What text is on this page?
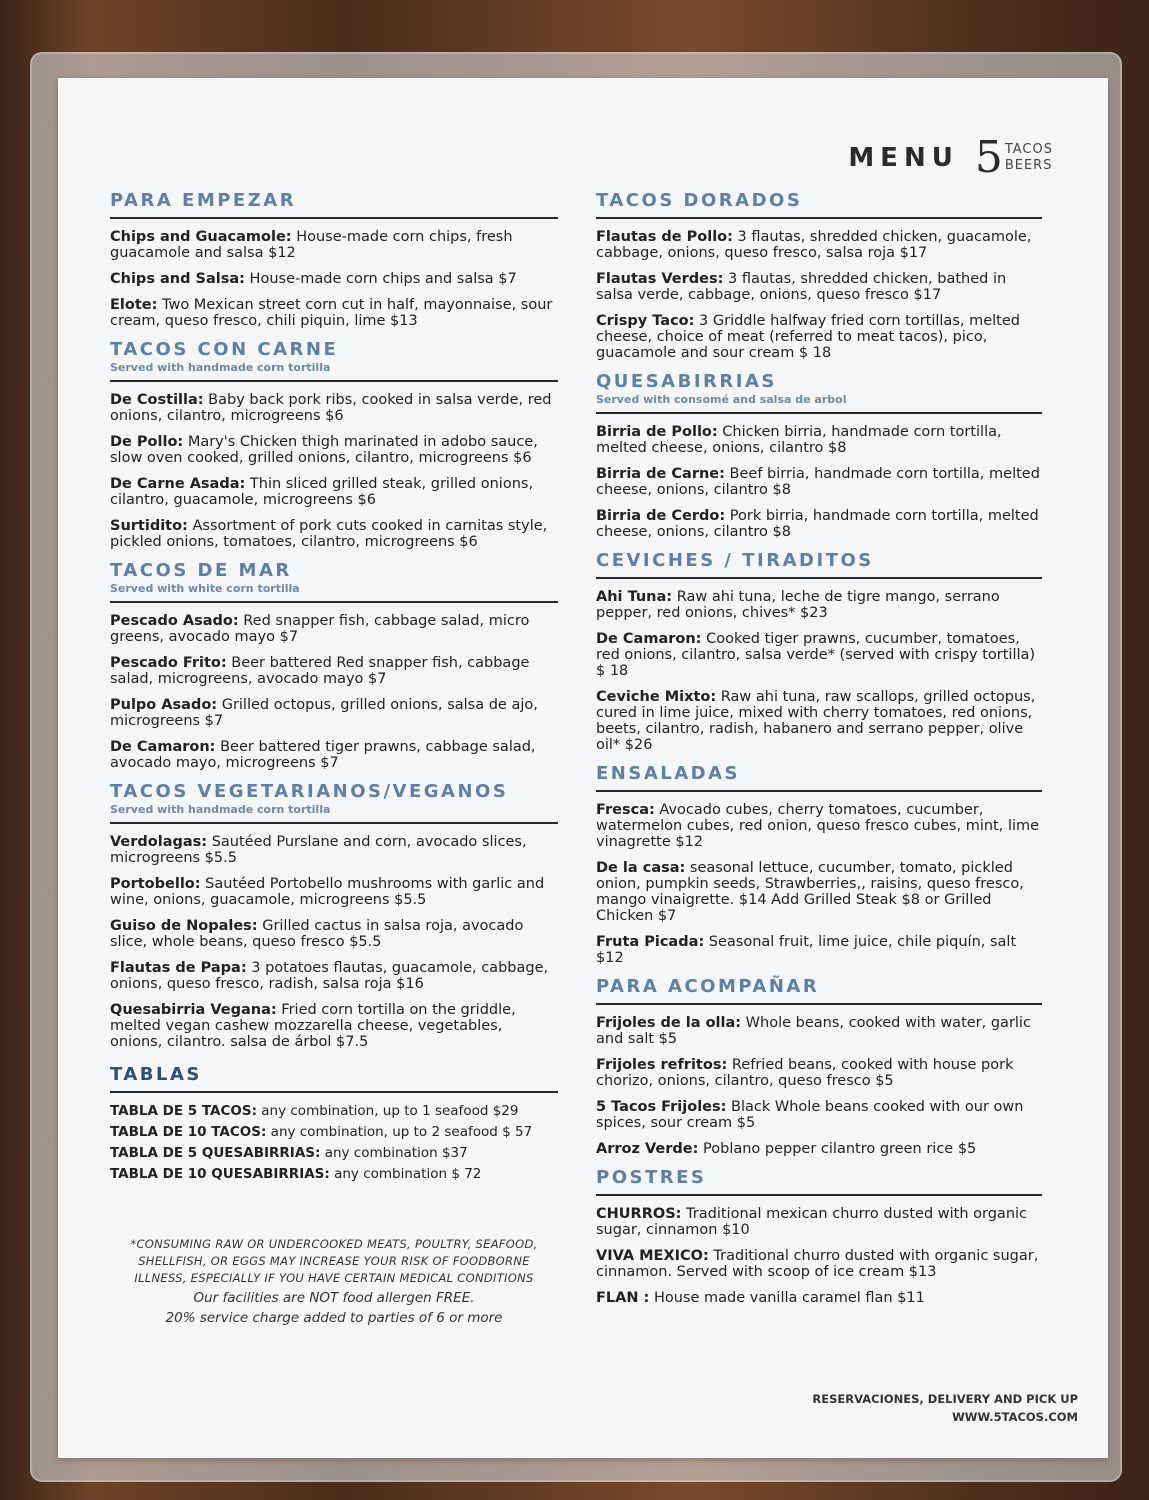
MENU 5 TACOS
BEERS
PARA EMPEZAR
Chips and Guacamole: House-made corn chips, fresh guacamole and salsa $12
Chips and Salsa: House-made corn chips and salsa $7
Elote: Two Mexican street corn cut in half, mayonnaise, sour cream, queso fresco, chili piquin, lime $13
TACOS CON CARNE
Served with handmade corn tortilla
De Costilla: Baby back pork ribs, cooked in salsa verde, red onions, cilantro, microgreens $6
De Pollo: Mary's Chicken thigh marinated in adobo sauce, slow oven cooked, grilled onions, cilantro, microgreens $6
De Carne Asada: Thin sliced grilled steak, grilled onions, cilantro, guacamole, microgreens $6
Surtidito: Assortment of pork cuts cooked in carnitas style, pickled onions, tomatoes, cilantro, microgreens $6
TACOS DE MAR
Served with white corn tortilla
Pescado Asado: Red snapper fish, cabbage salad, micro greens, avocado mayo $7
Pescado Frito: Beer battered Red snapper fish, cabbage salad, microgreens, avocado mayo $7
Pulpo Asado: Grilled octopus, grilled onions, salsa de ajo, microgreens $7
De Camaron: Beer battered tiger prawns, cabbage salad, avocado mayo, microgreens $7
TACOS VEGETARIANOS/VEGANOS
Served with handmade corn tortilla
Verdolagas: Sautéed Purslane and corn, avocado slices, microgreens $5.5
Portobello: Sautéed Portobello mushrooms with garlic and wine, onions, guacamole, microgreens $5.5
Guiso de Nopales: Grilled cactus in salsa roja, avocado slice, whole beans, queso fresco $5.5
Flautas de Papa: 3 potatoes flautas, guacamole, cabbage, onions, queso fresco, radish, salsa roja $16
Quesabirria Vegana: Fried corn tortilla on the griddle, melted vegan cashew mozzarella cheese, vegetables, onions, cilantro. salsa de árbol $7.5
TABLAS
TABLA DE 5 TACOS: any combination, up to 1 seafood $29
TABLA DE 10 TACOS: any combination, up to 2 seafood $ 57
TABLA DE 5 QUESABIRRIAS: any combination $37
TABLA DE 10 QUESABIRRIAS: any combination $ 72
*CONSUMING RAW OR UNDERCOOKED MEATS, POULTRY, SEAFOOD, SHELLFISH, OR EGGS MAY INCREASE YOUR RISK OF FOODBORNE ILLNESS, ESPECIALLY IF YOU HAVE CERTAIN MEDICAL CONDITIONS
Our facilities are NOT food allergen FREE.
20% service charge added to parties of 6 or more
TACOS DORADOS
Flautas de Pollo: 3 flautas, shredded chicken, guacamole, cabbage, onions, queso fresco, salsa roja $17
Flautas Verdes: 3 flautas, shredded chicken, bathed in salsa verde, cabbage, onions, queso fresco $17
Crispy Taco: 3 Griddle halfway fried corn tortillas, melted cheese, choice of meat (referred to meat tacos), pico, guacamole and sour cream $ 18
QUESABIRRIAS
Served with consomé and salsa de arbol
Birria de Pollo: Chicken birria, handmade corn tortilla, melted cheese, onions, cilantro $8
Birria de Carne: Beef birria, handmade corn tortilla, melted cheese, onions, cilantro $8
Birria de Cerdo: Pork birria, handmade corn tortilla, melted cheese, onions, cilantro $8
CEVICHES / TIRADITOS
Ahi Tuna: Raw ahi tuna, leche de tigre mango, serrano pepper, red onions, chives* $23
De Camaron: Cooked tiger prawns, cucumber, tomatoes, red onions, cilantro, salsa verde* (served with crispy tortilla) $ 18
Ceviche Mixto: Raw ahi tuna, raw scallops, grilled octopus, cured in lime juice, mixed with cherry tomatoes, red onions, beets, cilantro, radish, habanero and serrano pepper, olive oil* $26
ENSALADAS
Fresca: Avocado cubes, cherry tomatoes, cucumber, watermelon cubes, red onion, queso fresco cubes, mint, lime vinagrette $12
De la casa: seasonal lettuce, cucumber, tomato, pickled onion, pumpkin seeds, Strawberries,, raisins, queso fresco, mango vinaigrette. $14 Add Grilled Steak $8 or Grilled Chicken $7
Fruta Picada: Seasonal fruit, lime juice, chile piquín, salt $12
PARA ACOMPAÑAR
Frijoles de la olla: Whole beans, cooked with water, garlic and salt $5
Frijoles refritos: Refried beans, cooked with house pork chorizo, onions, cilantro, queso fresco $5
5 Tacos Frijoles: Black Whole beans cooked with our own spices, sour cream $5
Arroz Verde: Poblano pepper cilantro green rice $5
POSTRES
CHURROS: Traditional mexican churro dusted with organic sugar, cinnamon $10
VIVA MEXICO: Traditional churro dusted with organic sugar, cinnamon. Served with scoop of ice cream $13
FLAN : House made vanilla caramel flan $11
RESERVACIONES, DELIVERY AND PICK UP
WWW.5TACOS.COM
